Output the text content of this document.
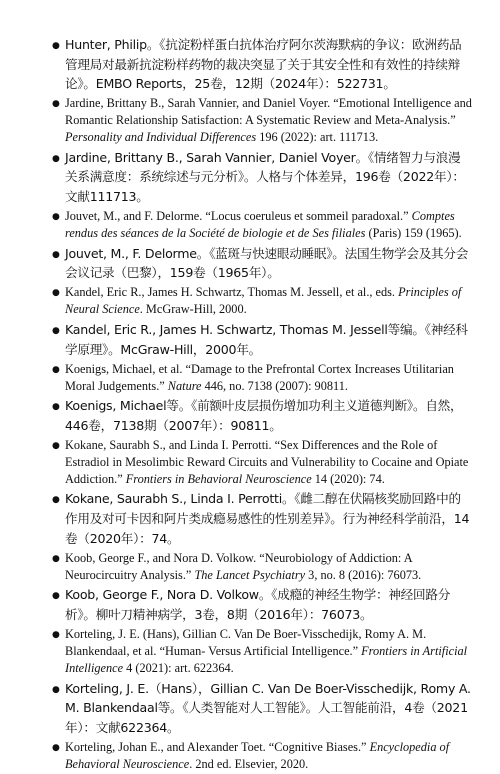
● Hunter, Philip。《抗淀粉样蛋白抗体治疗阿尔茨海默病的争议：欧洲药品管理局对最新抗淀粉样药物的裁决突显了关于其安全性和有效性的持续辩论》。EMBO Reports，25卷，12期（2024年）：522731。
● Jardine, Brittany B., Sarah Vannier, and Daniel Voyer. “Emotional Intelligence and Romantic Relationship Satisfaction: A Systematic Review and Meta-Analysis.” Personality and Individual Differences 196 (2022): art. 111713.
● Jardine, Brittany B., Sarah Vannier, Daniel Voyer。《情绪智力与浪漫关系满意度：系统综述与元分析》。人格与个体差异，196卷（2022年）：文献111713。
● Jouvet, M., and F. Delorme. “Locus coeruleus et sommeil paradoxal.” Comptes rendus des séances de la Société de biologie et de Ses filiales (Paris) 159 (1965).
● Jouvet, M., F. Delorme。《蓝斑与快速眼动睡眠》。法国生物学会及其分会会议记录（巴黎），159卷（1965年）。
● Kandel, Eric R., James H. Schwartz, Thomas M. Jessell, et al., eds. Principles of Neural Science. McGraw-Hill, 2000.
● Kandel, Eric R., James H. Schwartz, Thomas M. Jessell等编。《神经科学原理》。McGraw-Hill，2000年。
● Koenigs, Michael, et al. “Damage to the Prefrontal Cortex Increases Utilitarian Moral Judgements.” Nature 446, no. 7138 (2007): 90811.
● Koenigs, Michael等。《前额叶皮层损伤增加功利主义道德判断》。自然，446卷，7138期（2007年）：90811。
● Kokane, Saurabh S., and Linda I. Perrotti. “Sex Differences and the Role of Estradiol in Mesolimbic Reward Circuits and Vulnerability to Cocaine and Opiate Addiction.” Frontiers in Behavioral Neuroscience 14 (2020): 74.
● Kokane, Saurabh S., Linda I. Perrotti。《雌二醇在伏隔核奖励回路中的作用及对可卡因和阿片类成瘾易感性的性别差异》。行为神经科学前沿，14卷（2020年）：74。
● Koob, George F., and Nora D. Volkow. “Neurobiology of Addiction: A Neurocircuitry Analysis.” The Lancet Psychiatry 3, no. 8 (2016): 76073.
● Koob, George F., Nora D. Volkow。《成瘾的神经生物学：神经回路分析》。柳叶刀精神病学，3卷，8期（2016年）：76073。
● Korteling, J. E. (Hans), Gillian C. Van De Boer-Visschedijk, Romy A. M. Blankendaal, et al. “Human- Versus Artificial Intelligence.” Frontiers in Artificial Intelligence 4 (2021): art. 622364.
● Korteling, J. E.（Hans），Gillian C. Van De Boer-Visschedijk, Romy A. M. Blankendaal等。《人类智能对人工智能》。人工智能前沿，4卷（2021年）：文献622364。
● Korteling, Johan E., and Alexander Toet. “Cognitive Biases.” Encyclopedia of Behavioral Neuroscience. 2nd ed. Elsevier, 2020.
